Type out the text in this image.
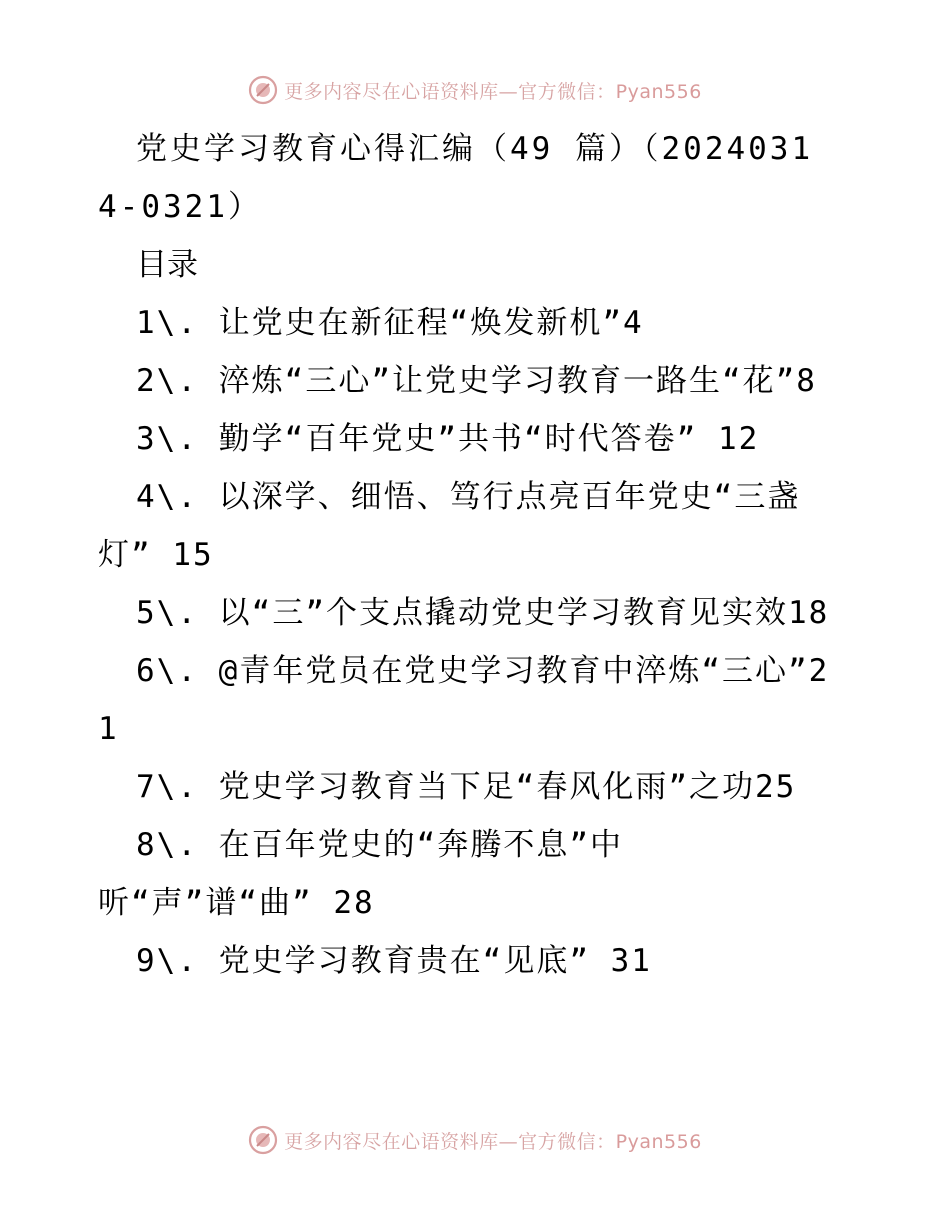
更多内容尽在心语资料库—官方微信：Pyan556

党史学习教育心得汇编（49 篇）（20240314-0321）

目录

1\. 让党史在新征程“焕发新机”4

2\. 淬炼“三心”让党史学习教育一路生“花”8

3\. 勤学“百年党史”共书“时代答卷” 12

4\. 以深学、细悟、笃行点亮百年党史“三盏灯” 15

5\. 以“三”个支点撬动党史学习教育见实效18

6\. @青年党员在党史学习教育中淬炼“三心”21

7\. 党史学习教育当下足“春风化雨”之功25

8\. 在百年党史的“奔腾不息”中听“声”谱“曲” 28

9\. 党史学习教育贵在“见底” 31

更多内容尽在心语资料库—官方微信：Pyan556
